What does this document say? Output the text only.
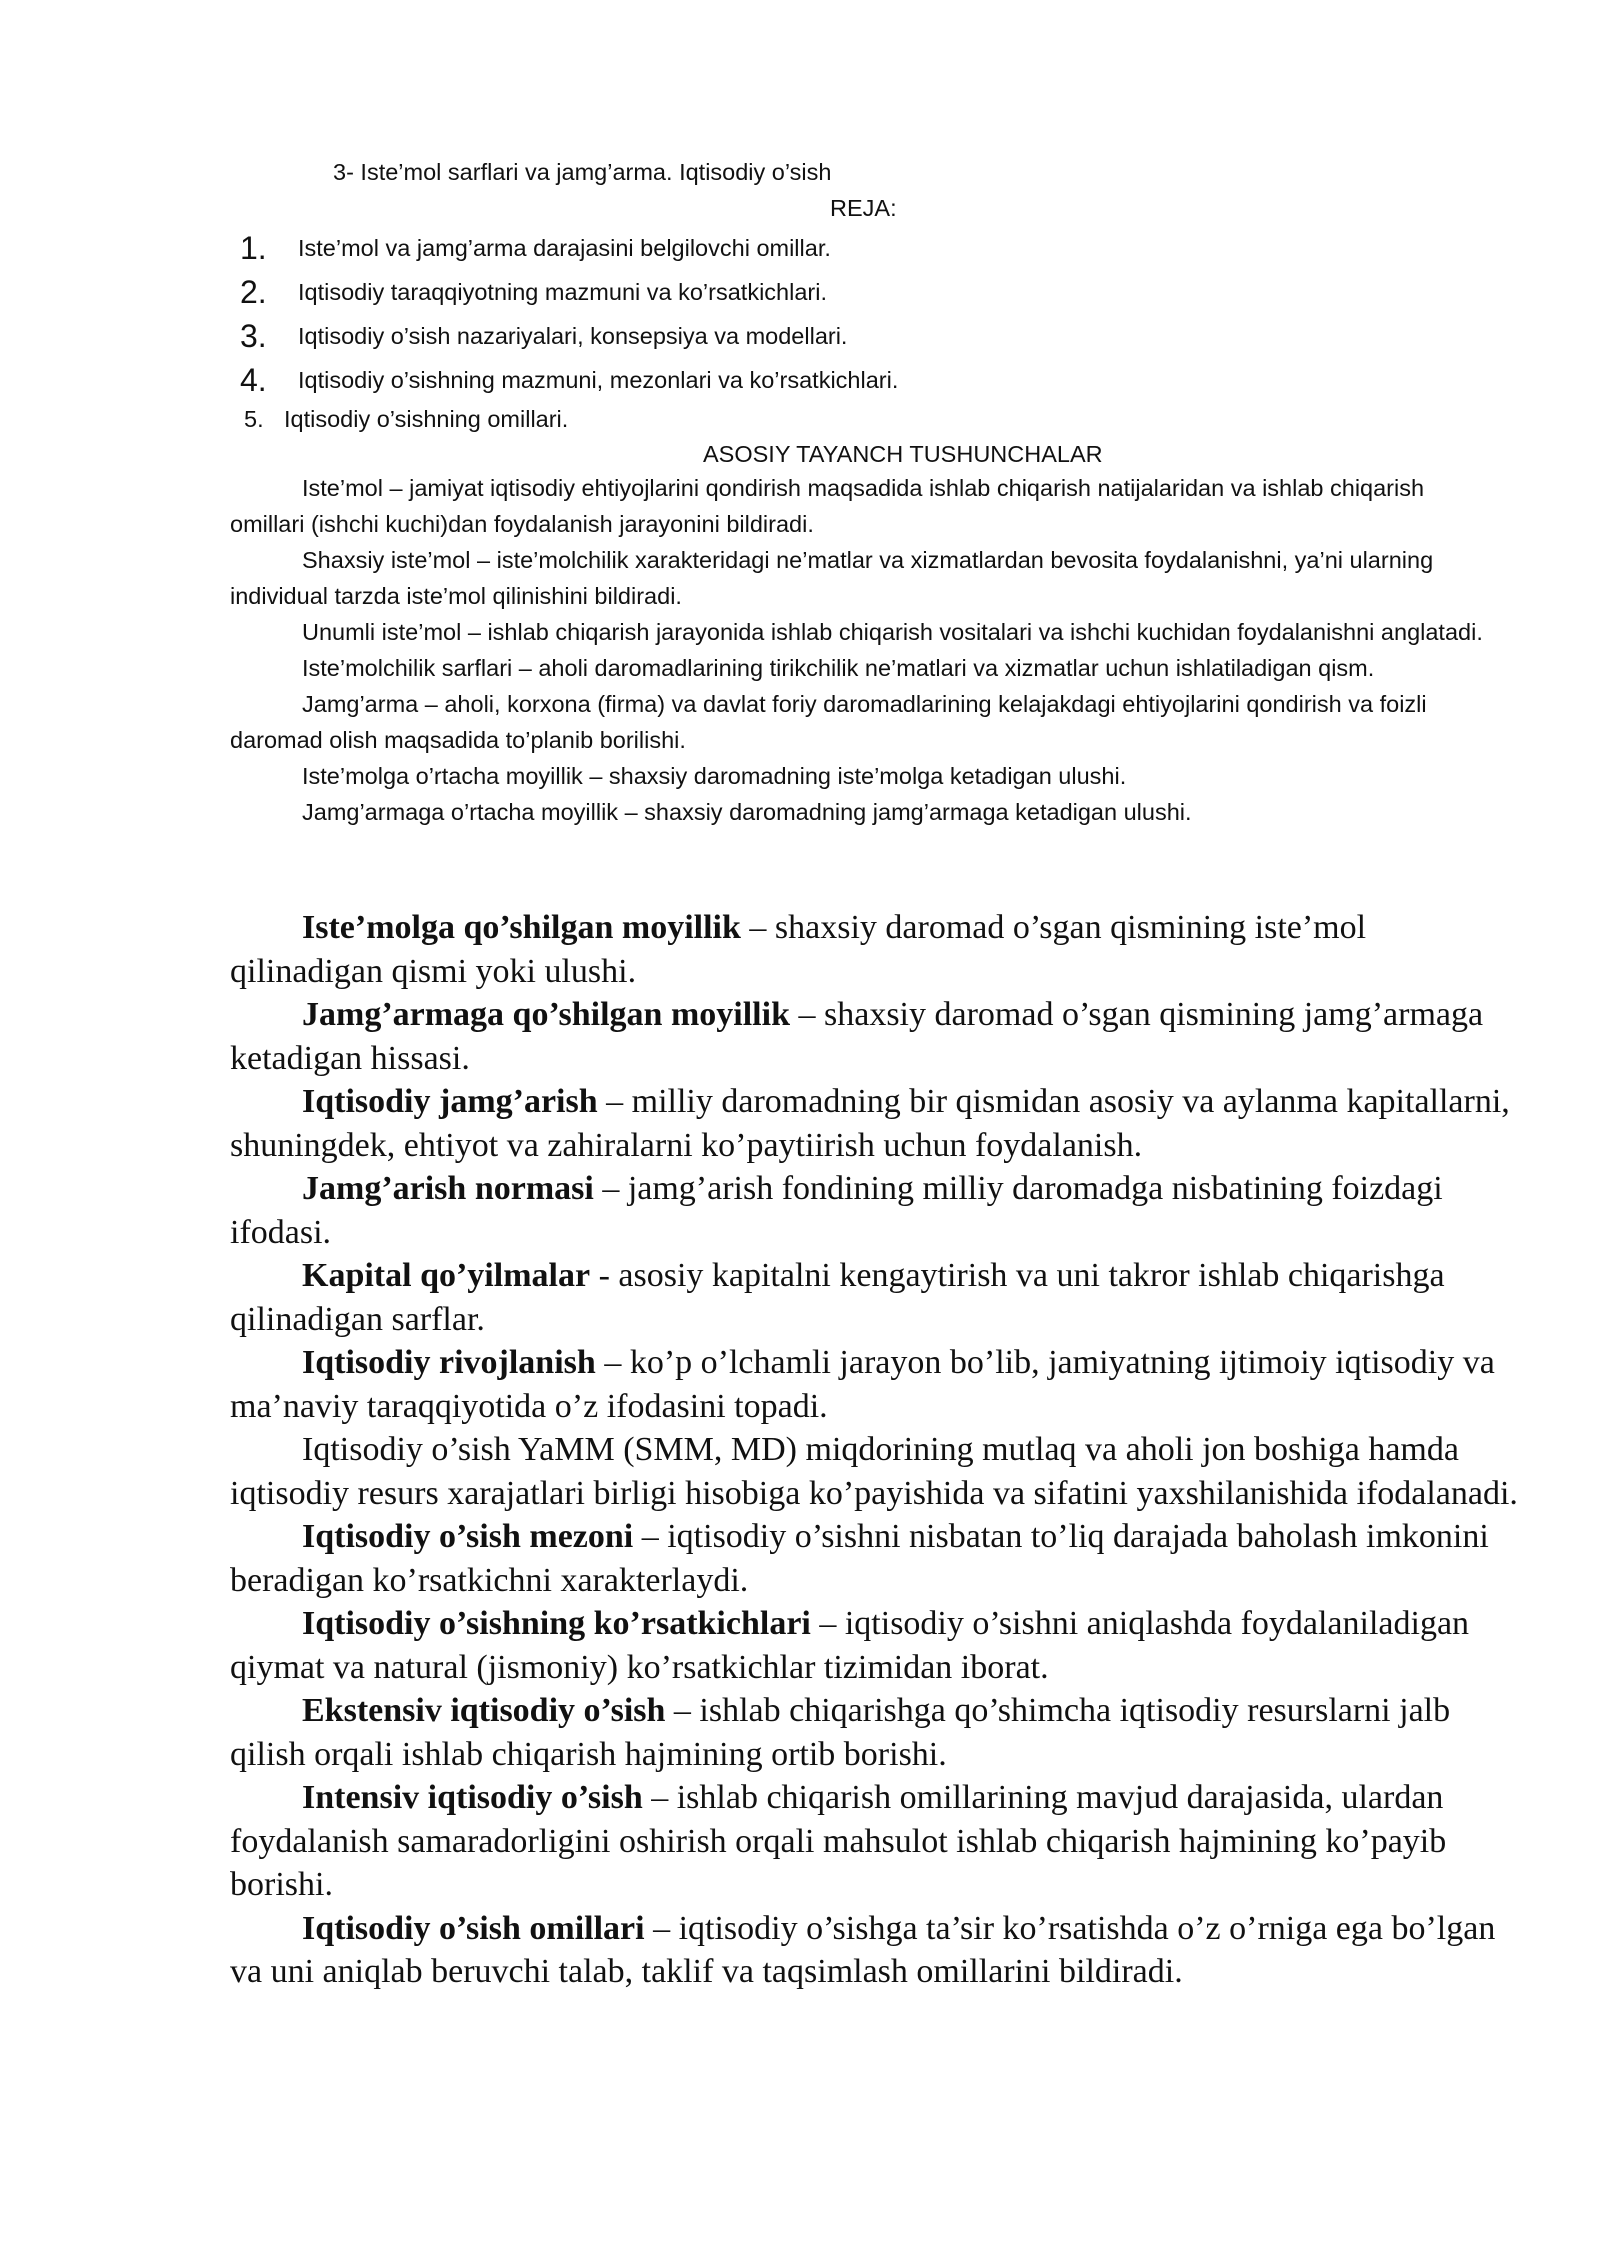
3- Iste’mol sarflari va jamg’arma. Iqtisodiy o’sish
REJA:
1.	Iste’mol va jamg’arma darajasini belgilovchi omillar.
2.	Iqtisodiy taraqqiyotning mazmuni va ko’rsatkichlari.
3.	Iqtisodiy o’sish nazariyalari, konsepsiya va modellari.
4.	Iqtisodiy o’sishning mazmuni, mezonlari va ko’rsatkichlari.
5. Iqtisodiy o’sishning omillari.
ASOSIY TAYANCH TUSHUNCHALAR

Iste’mol – jamiyat iqtisodiy ehtiyojlarini qondirish maqsadida ishlab chiqarish natijalaridan va ishlab chiqarish omillari (ishchi kuchi)dan foydalanish jarayonini bildiradi.

Shaxsiy iste’mol – iste’molchilik xarakteridagi ne’matlar va xizmatlardan bevosita foydalanishni, ya’ni ularning individual tarzda iste’mol qilinishini bildiradi.

Unumli iste’mol – ishlab chiqarish jarayonida ishlab chiqarish vositalari va ishchi kuchidan foydalanishni anglatadi.

Iste’molchilik sarflari – aholi daromadlarining tirikchilik ne’matlari va xizmatlar uchun ishlatiladigan qism.

Jamg’arma – aholi, korxona (firma) va davlat foriy daromadlarining kelajakdagi ehtiyojlarini qondirish va foizli daromad olish maqsadida to’planib borilishi.

Iste’molga o’rtacha moyillik – shaxsiy daromadning iste’molga ketadigan ulushi.

Jamg’armaga o’rtacha moyillik – shaxsiy daromadning jamg’armaga ketadigan ulushi.

Iste’molga qo’shilgan moyillik – shaxsiy daromad o’sgan qismining iste’mol qilinadigan qismi yoki ulushi.

Jamg’armaga qo’shilgan moyillik – shaxsiy daromad o’sgan qismining jamg’armaga ketadigan hissasi.

Iqtisodiy jamg’arish – milliy daromadning bir qismidan asosiy va aylanma kapitallarni, shuningdek, ehtiyot va zahiralarni ko’paytiirish uchun foydalanish.

Jamg’arish normasi – jamg’arish fondining milliy daromadga nisbatining foizdagi ifodasi.

Kapital qo’yilmalar - asosiy kapitalni kengaytirish va uni takror ishlab chiqarishga qilinadigan sarflar.

Iqtisodiy rivojlanish – ko’p o’lchamli jarayon bo’lib, jamiyatning ijtimoiy iqtisodiy va ma’naviy taraqqiyotida o’z ifodasini topadi.

Iqtisodiy o’sish YaMM (SMM, MD) miqdorining mutlaq va aholi jon boshiga hamda iqtisodiy resurs xarajatlari birligi hisobiga ko’payishida va sifatini yaxshilanishida ifodalanadi.

Iqtisodiy o’sish mezoni – iqtisodiy o’sishni nisbatan to’liq darajada baholash imkonini beradigan ko’rsatkichni xarakterlaydi.

Iqtisodiy o’sishning ko’rsatkichlari – iqtisodiy o’sishni aniqlashda foydalaniladigan qiymat va natural (jismoniy) ko’rsatkichlar tizimidan iborat.

Ekstensiv iqtisodiy o’sish – ishlab chiqarishga qo’shimcha iqtisodiy resurslarni jalb qilish orqali ishlab chiqarish hajmining ortib borishi.

Intensiv iqtisodiy o’sish – ishlab chiqarish omillarining mavjud darajasida, ulardan foydalanish samaradorligini oshirish orqali mahsulot ishlab chiqarish hajmining ko’payib borishi.

Iqtisodiy o’sish omillari – iqtisodiy o’sishga ta’sir ko’rsatishda o’z o’rniga ega bo’lgan va uni aniqlab beruvchi talab, taklif va taqsimlash omillarini bildiradi.
